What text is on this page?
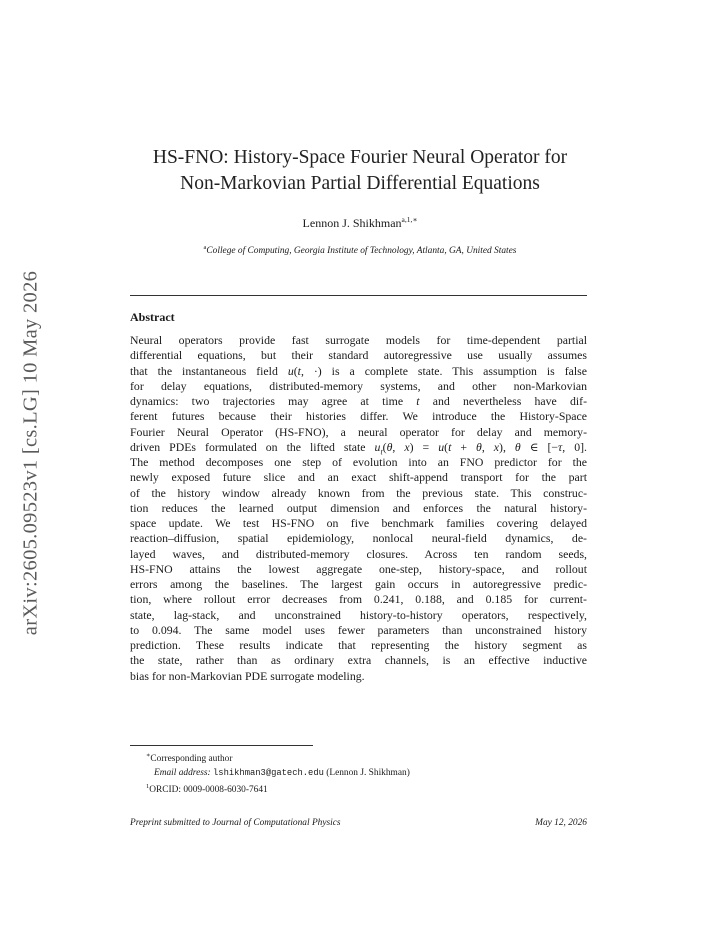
arXiv:2605.09523v1 [cs.LG] 10 May 2026
HS-FNO: History-Space Fourier Neural Operator for
Non-Markovian Partial Differential Equations
Lennon J. Shikhman$^{a,1,∗}$
$^a$College of Computing, Georgia Institute of Technology, Atlanta, GA, United States
Abstract
Neural operators provide fast surrogate models for time-dependent partial
differential equations, but their standard autoregressive use usually assumes
that the instantaneous field u(t, ·) is a complete state. This assumption is false
for delay equations, distributed-memory systems, and other non-Markovian
dynamics: two trajectories may agree at time t and nevertheless have dif-
ferent futures because their histories differ. We introduce the History-Space
Fourier Neural Operator (HS-FNO), a neural operator for delay and memory-
driven PDEs formulated on the lifted state $u_t(\theta$, x) = u(t + θ, x), θ ∈ [−τ, 0].
The method decomposes one step of evolution into an FNO predictor for the
newly exposed future slice and an exact shift-append transport for the part
of the history window already known from the previous state. This construc-
tion reduces the learned output dimension and enforces the natural history-
space update. We test HS-FNO on five benchmark families covering delayed
reaction–diffusion, spatial epidemiology, nonlocal neural-field dynamics, de-
layed waves, and distributed-memory closures. Across ten random seeds,
HS-FNO attains the lowest aggregate one-step, history-space, and rollout
errors among the baselines. The largest gain occurs in autoregressive predic-
tion, where rollout error decreases from 0.241, 0.188, and 0.185 for current-
state, lag-stack, and unconstrained history-to-history operators, respectively,
to 0.094. The same model uses fewer parameters than unconstrained history
prediction. These results indicate that representing the history segment as
the state, rather than as ordinary extra channels, is an effective inductive
bias for non-Markovian PDE surrogate modeling.
∗Corresponding author
Email address: lshikhman3@gatech.edu (Lennon J. Shikhman)
$^1$ORCID: 0009-0008-6030-7641
Preprint submitted to Journal of Computational Physics	May 12, 2026
